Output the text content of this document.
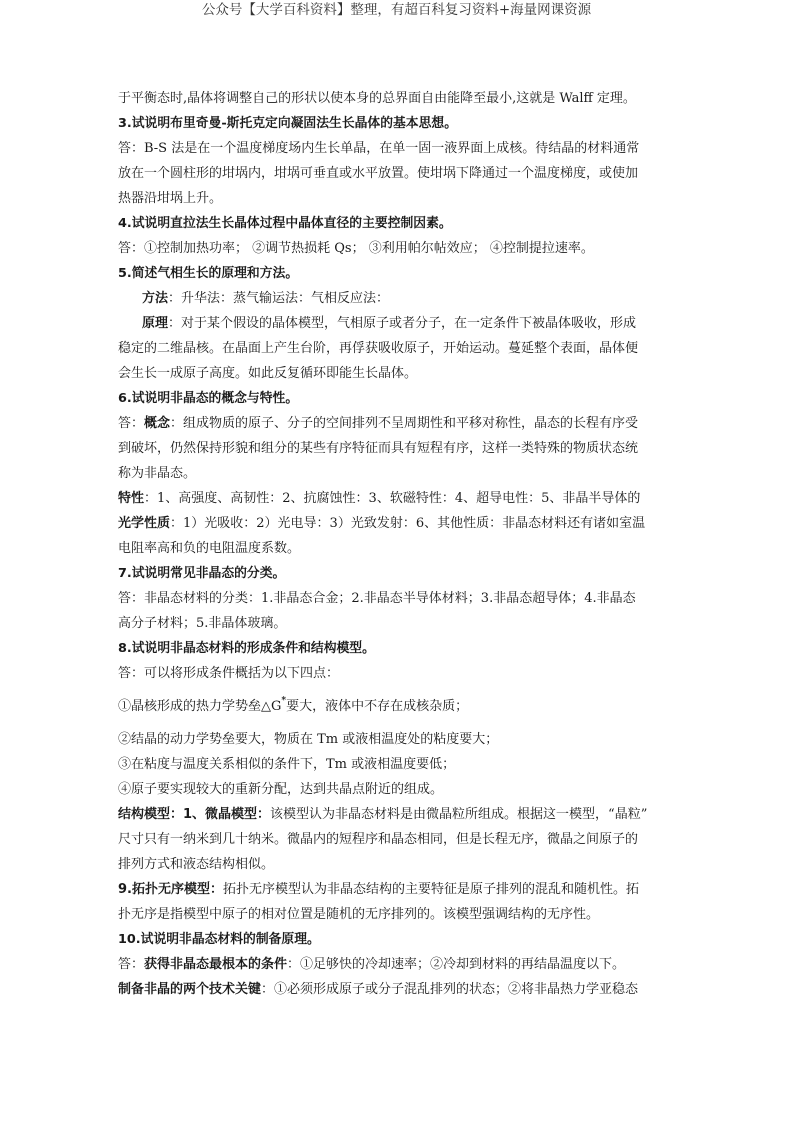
公众号【大学百科资料】整理，有超百科复习资料+海量网课资源
于平衡态时,晶体将调整自己的形状以使本身的总界面自由能降至最小,这就是 Walff 定理。
3.试说明布里奇曼-斯托克定向凝固法生长晶体的基本思想。
答：B-S 法是在一个温度梯度场内生长单晶，在单一固一液界面上成核。待结晶的材料通常
放在一个圆柱形的坩埚内，坩埚可垂直或水平放置。使坩埚下降通过一个温度梯度，或使加
热器沿坩埚上升。
4.试说明直拉法生长晶体过程中晶体直径的主要控制因素。
答：①控制加热功率； ②调节热损耗 Qs； ③利用帕尔帖效应； ④控制提拉速率。
5.简述气相生长的原理和方法。
方法：升华法：蒸气输运法：气相反应法：
原理：对于某个假设的晶体模型，气相原子或者分子，在一定条件下被晶体吸收，形成
稳定的二维晶核。在晶面上产生台阶，再俘获吸收原子，开始运动。蔓延整个表面，晶体便
会生长一成原子高度。如此反复循环即能生长晶体。
6.试说明非晶态的概念与特性。
答：概念：组成物质的原子、分子的空间排列不呈周期性和平移对称性，晶态的长程有序受
到破坏，仍然保持形貌和组分的某些有序特征而具有短程有序，这样一类特殊的物质状态统
称为非晶态。
特性：1、高强度、高韧性：2、抗腐蚀性：3、软磁特性：4、超导电性：5、非晶半导体的
光学性质：1）光吸收：2）光电导：3）光致发射：6、其他性质：非晶态材料还有诸如室温
电阻率高和负的电阻温度系数。
7.试说明常见非晶态的分类。
答：非晶态材料的分类：1.非晶态合金；2.非晶态半导体材料；3.非晶态超导体；4.非晶态
高分子材料；5.非晶体玻璃。
8.试说明非晶态材料的形成条件和结构模型。
答：可以将形成条件概括为以下四点：
①晶核形成的热力学势垒△G*要大，液体中不存在成核杂质；
②结晶的动力学势垒要大，物质在 Tm 或液相温度处的粘度要大；
③在粘度与温度关系相似的条件下，Tm 或液相温度要低；
④原子要实现较大的重新分配，达到共晶点附近的组成。
结构模型：1、微晶模型：该模型认为非晶态材料是由微晶粒所组成。根据这一模型，“晶粒”
尺寸只有一纳米到几十纳米。微晶内的短程序和晶态相同，但是长程无序，微晶之间原子的
排列方式和液态结构相似。
9.拓扑无序模型：拓扑无序模型认为非晶态结构的主要特征是原子排列的混乱和随机性。拓
扑无序是指模型中原子的相对位置是随机的无序排列的。该模型强调结构的无序性。
10.试说明非晶态材料的制备原理。
答：获得非晶态最根本的条件：①足够快的冷却速率；②冷却到材料的再结晶温度以下。
制备非晶的两个技术关键：①必须形成原子或分子混乱排列的状态；②将非晶热力学亚稳态
